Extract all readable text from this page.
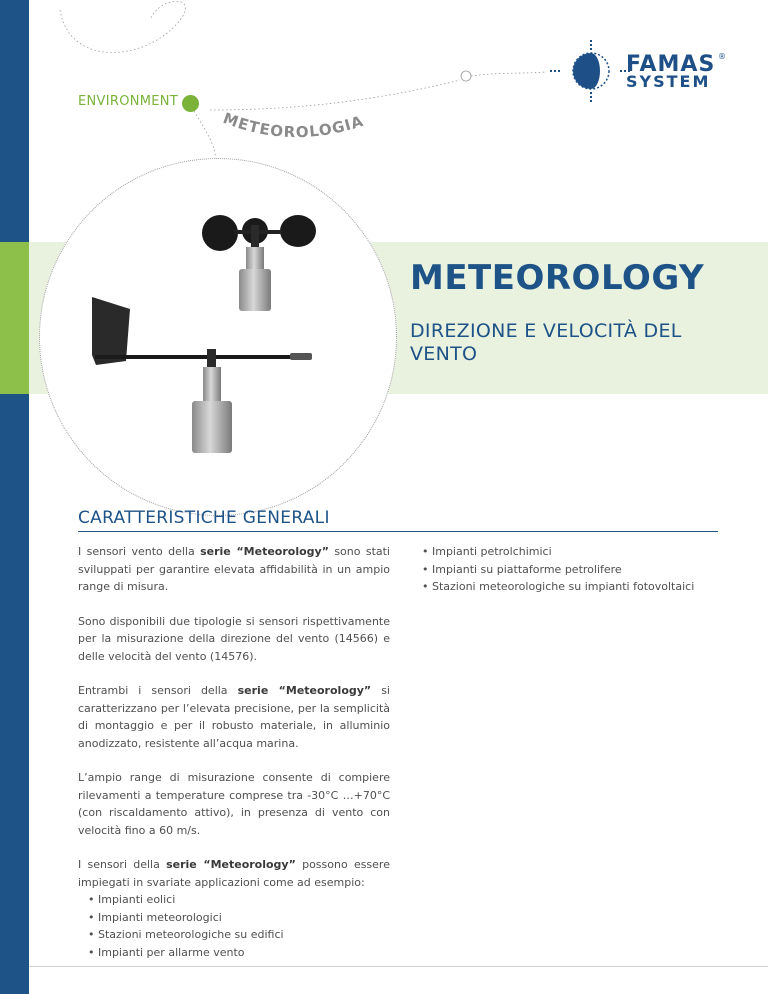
METEOROLOGIA
ENVIRONMENT
FAMAS ®
SYSTEM
METEOROLOGY
DIREZIONE E VELOCITÀ DEL VENTO
CARATTERISTICHE GENERALI

I sensori vento della serie “Meteorology” sono stati sviluppati per garantire elevata affidabilità in un ampio range di misura.

Sono disponibili due tipologie si sensori rispettivamente per la misurazione della direzione del vento (14566) e delle velocità del vento (14576).

Entrambi i sensori della serie “Meteorology” si caratterizzano per l’elevata precisione, per la semplicità di montaggio e per il robusto materiale, in alluminio anodizzato, resistente all’acqua marina.

L’ampio range di misurazione consente di compiere rilevamenti a temperature comprese tra -30°C …+70°C (con riscaldamento attivo), in presenza di vento con velocità fino a 60 m/s.

I sensori della serie “Meteorology” possono essere impiegati in svariate applicazioni come ad esempio:

• Impianti eolici
• Impianti meteorologici
• Stazioni meteorologiche su edifici
• Impianti per allarme vento
• Impianti petrolchimici
• Impianti su piattaforme petrolifere
• Stazioni meteorologiche su impianti fotovoltaici
